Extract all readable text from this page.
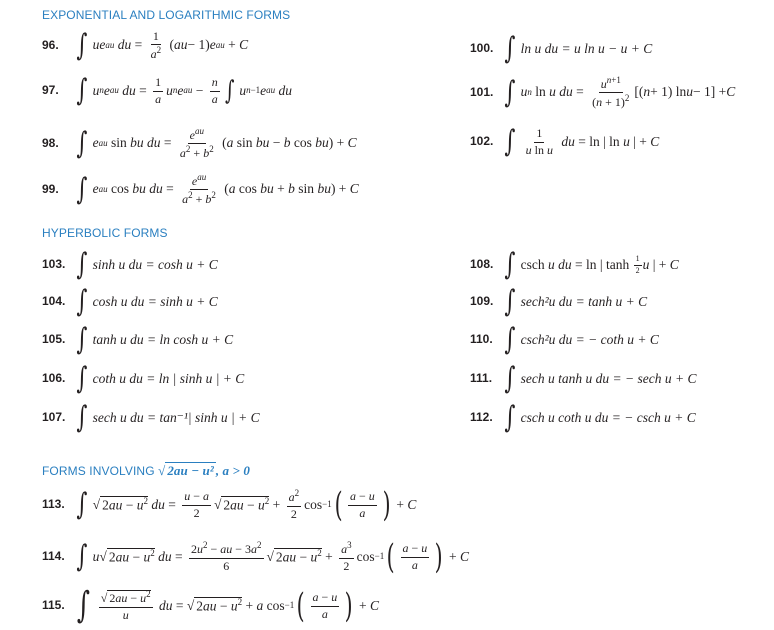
EXPONENTIAL AND LOGARITHMIC FORMS
HYPERBOLIC FORMS
FORMS INVOLVING √ 2au − u² , a > 0
96. ∫ ue au
du = $\frac{1}{a^2}$ ( au − 1) e au + C
97. ∫ u n e au
du = $\frac{1}{a}$ u n e au − $\frac{n}{a}$ ∫ u n−1 e au
du
98. ∫ e au sin bu du = $\frac{e^{au}}{a^2 + b^2}$ ( a sin bu − b cos bu ) + C
99. ∫ e au cos bu du = $\frac{e^{au}}{a^2 + b^2}$ ( a cos bu + b sin bu ) + C
100. ∫ ln u du = u ln u − u + C
101. ∫ u n ln u du = $\frac{u^{n+1}}{(n + 1)^2}$ [( n + 1) ln u − 1] + C
102. ∫ $\frac{1}{\text{u ln u}}$
du = ln | ln u | + C
103. ∫ sinh u du = cosh u + C
104. ∫ cosh u du = sinh u + C
105. ∫ tanh u du = ln cosh u + C
106. ∫ coth u du = ln | sinh u | + C
107. ∫ sech u du = tan⁻¹| sinh u | + C
108. ∫ csch u du = ln | $\tanh \frac{1}{2}$ u | + C
109. ∫ sech²u du = tanh u + C
110. ∫ csch²u du = − coth u + C
111. ∫ sech u tanh u du = − sech u + C
112. ∫ csch u coth u du = − csch u + C
113. ∫ √ $2au - u^2$
du = $\frac{u - a}{2}$ √ $2au - u^2 + \frac{a^2}{2}$ cos −1 ( $\frac{a - u}{a}$ ) + C
114. ∫ u √ $2au - u^2$
du = $\frac{2u^2 - au - 3a^2}{6}$ √ $2au - u^2 + \frac{a^3}{2}$ cos −1 ( $\frac{a - u}{a}$ ) + C
115. ∫ $\frac{√ 2au - u^2}{u}$
du = √ $2au - u^2 + a$ cos −1 ( $\frac{a - u}{a}$ ) + C
